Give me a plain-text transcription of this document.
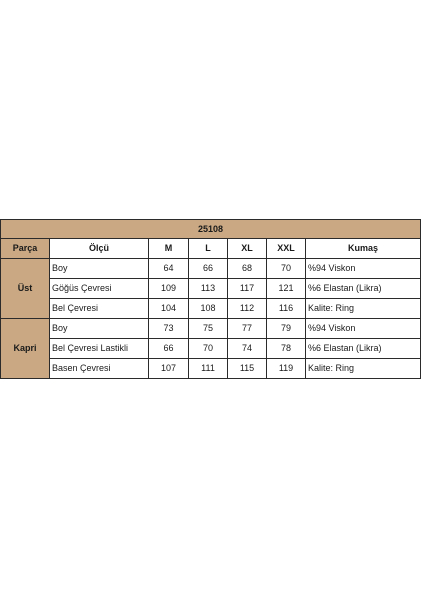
25108						
Parça	Ölçü	M	L	XL	XXL	Kumaş
Üst	Boy	64	66	68	70	%94 Viskon
	Göğüs Çevresi	109	113	117	121	%6 Elastan (Likra)
	Bel Çevresi	104	108	112	116	Kalite: Ring
Kapri	Boy	73	75	77	79	%94 Viskon
	Bel Çevresi Lastikli	66	70	74	78	%6 Elastan (Likra)
	Basen Çevresi	107	111	115	119	Kalite: Ring
